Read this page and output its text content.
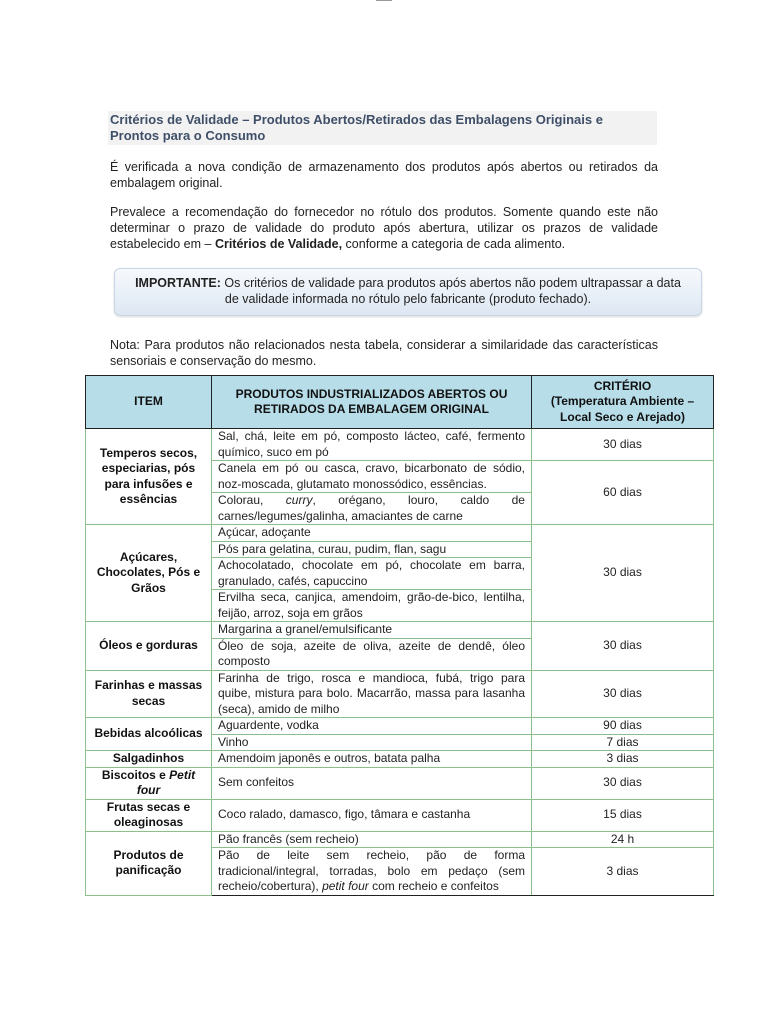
Critérios de Validade – Produtos Abertos/Retirados das Embalagens Originais e Prontos para o Consumo

É verificada a nova condição de armazenamento dos produtos após abertos ou retirados da embalagem original.

Prevalece a recomendação do fornecedor no rótulo dos produtos. Somente quando este não determinar o prazo de validade do produto após abertura, utilizar os prazos de validade estabelecido em – Critérios de Validade, conforme a categoria de cada alimento.

IMPORTANTE: Os critérios de validade para produtos após abertos não podem ultrapassar a data de validade informada no rótulo pelo fabricante (produto fechado).

Nota: Para produtos não relacionados nesta tabela, considerar a similaridade das características sensoriais e conservação do mesmo.

ITEM	PRODUTOS INDUSTRIALIZADOS ABERTOS OU RETIRADOS DA EMBALAGEM ORIGINAL	CRITÉRIO
(Temperatura Ambiente – Local Seco e Arejado)
Temperos secos, especiarias, pós para infusões e essências	Sal, chá, leite em pó, composto lácteo, café, fermento químico, suco em pó	30 dias
	Canela em pó ou casca, cravo, bicarbonato de sódio, noz-moscada, glutamato monossódico, essências.	60 dias
	Colorau, curry, orégano, louro, caldo de carnes/legumes/galinha, amaciantes de carne	
Açúcares, Chocolates, Pós e Grãos	Açúcar, adoçante	30 dias
	Pós para gelatina, curau, pudim, flan, sagu	
	Achocolatado, chocolate em pó, chocolate em barra, granulado, cafés, capuccino	
	Ervilha seca, canjica, amendoim, grão-de-bico, lentilha, feijão, arroz, soja em grãos	
Óleos e gorduras	Margarina a granel/emulsificante	30 dias
	Óleo de soja, azeite de oliva, azeite de dendê, óleo composto	
Farinhas e massas secas	Farinha de trigo, rosca e mandioca, fubá, trigo para quibe, mistura para bolo. Macarrão, massa para lasanha (seca), amido de milho	30 dias
Bebidas alcoólicas	Aguardente, vodka	90 dias
	Vinho	7 dias
Salgadinhos	Amendoim japonês e outros, batata palha	3 dias
Biscoitos e Petit four	Sem confeitos	30 dias
Frutas secas e oleaginosas	Coco ralado, damasco, figo, tâmara e castanha	15 dias
Produtos de panificação	Pão francês (sem recheio)	24 h
	Pão de leite sem recheio, pão de forma tradicional/integral, torradas, bolo em pedaço (sem recheio/cobertura), petit four com recheio e confeitos	3 dias
